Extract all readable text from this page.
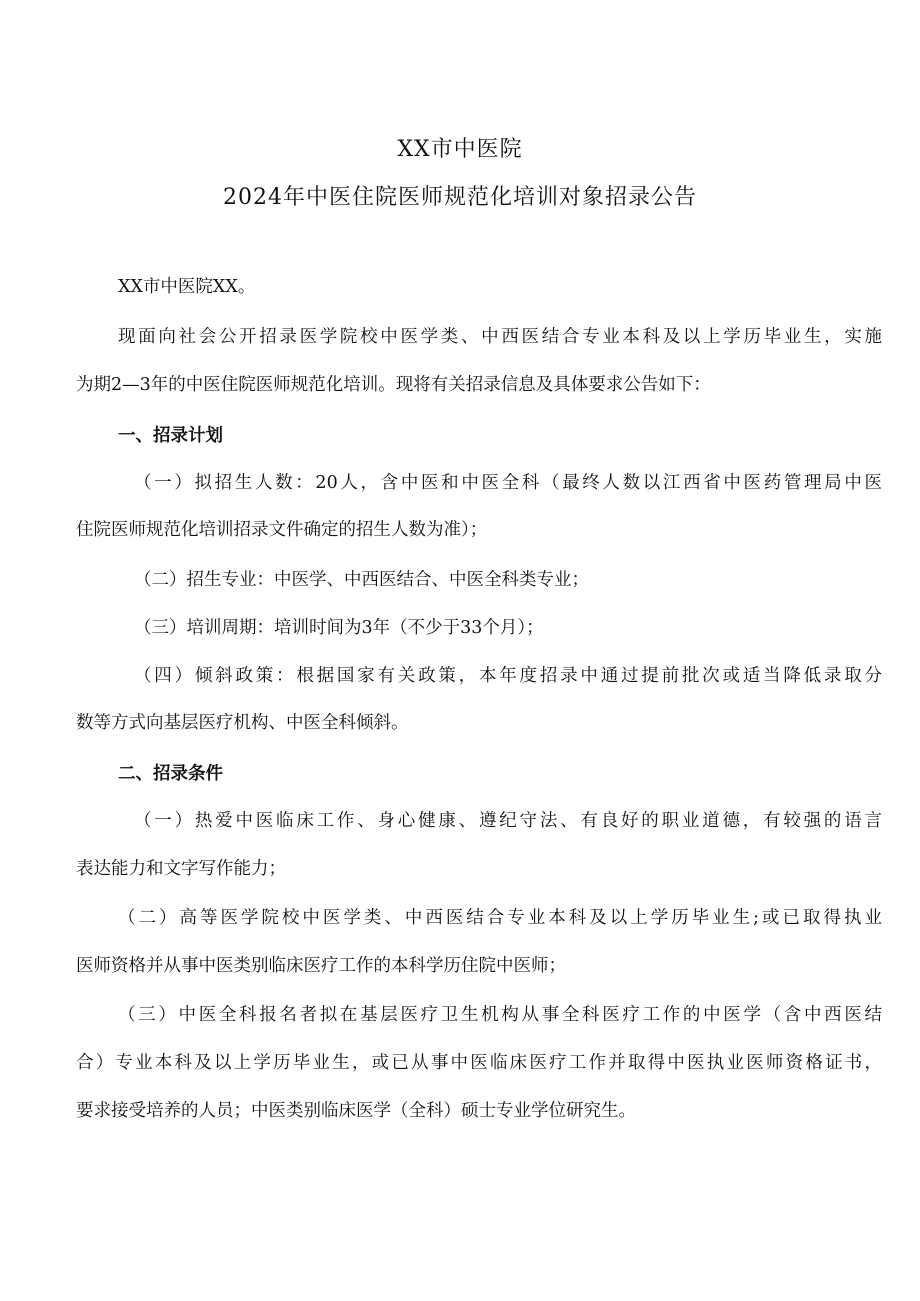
XX市中医院
2024年中医住院医师规范化培训对象招录公告
XX市中医院XX。
现面向社会公开招录医学院校中医学类、中西医结合专业本科及以上学历毕业生，实施
为期2—3年的中医住院医师规范化培训。现将有关招录信息及具体要求公告如下：
一、招录计划
（一）拟招生人数：20人，含中医和中医全科（最终人数以江西省中医药管理局中医
住院医师规范化培训招录文件确定的招生人数为准）；
（二）招生专业：中医学、中西医结合、中医全科类专业；
（三）培训周期：培训时间为3年（不少于33个月）；
（四）倾斜政策：根据国家有关政策，本年度招录中通过提前批次或适当降低录取分
数等方式向基层医疗机构、中医全科倾斜。
二、招录条件
（一）热爱中医临床工作、身心健康、遵纪守法、有良好的职业道德，有较强的语言
表达能力和文字写作能力；
（二）高等医学院校中医学类、中西医结合专业本科及以上学历毕业生;或已取得执业
医师资格并从事中医类别临床医疗工作的本科学历住院中医师；
（三）中医全科报名者拟在基层医疗卫生机构从事全科医疗工作的中医学（含中西医结
合）专业本科及以上学历毕业生，或已从事中医临床医疗工作并取得中医执业医师资格证书，
要求接受培养的人员；中医类别临床医学（全科）硕士专业学位研究生。
